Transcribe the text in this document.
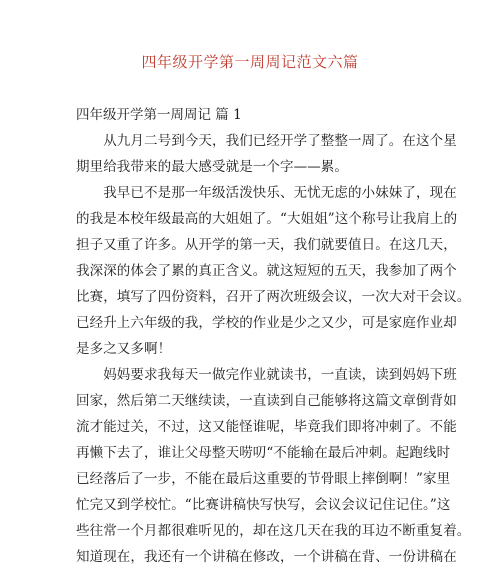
四年级开学第一周周记范文六篇
四年级开学第一周周记 篇 1
　　从九月二号到今天，我们已经开学了整整一周了。在这个星
期里给我带来的最大感受就是一个字——累。
　　我早已不是那一年级活泼快乐、无忧无虑的小妹妹了，现在
的我是本校年级最高的大姐姐了。“大姐姐”这个称号让我肩上的
担子又重了许多。从开学的第一天，我们就要值日。在这几天，
我深深的体会了累的真正含义。就这短短的五天，我参加了两个
比赛，填写了四份资料，召开了两次班级会议，一次大对干会议。
已经升上六年级的我，学校的作业是少之又少，可是家庭作业却
是多之又多啊！
　　妈妈要求我每天一做完作业就读书，一直读，读到妈妈下班
回家，然后第二天继续读，一直读到自己能够将这篇文章倒背如
流才能过关，不过，这又能怪谁呢，毕竟我们即将冲刺了。不能
再懒下去了，谁让父母整天唠叨“不能输在最后冲刺。起跑线时
已经落后了一步，不能在最后这重要的节骨眼上摔倒啊！”家里
忙完又到学校忙。“比赛讲稿快写快写，会议会议记住记住。”这
些往常一个月都很难听见的，却在这几天在我的耳边不断重复着。
知道现在，我还有一个讲稿在修改，一个讲稿在背、一份讲稿在
